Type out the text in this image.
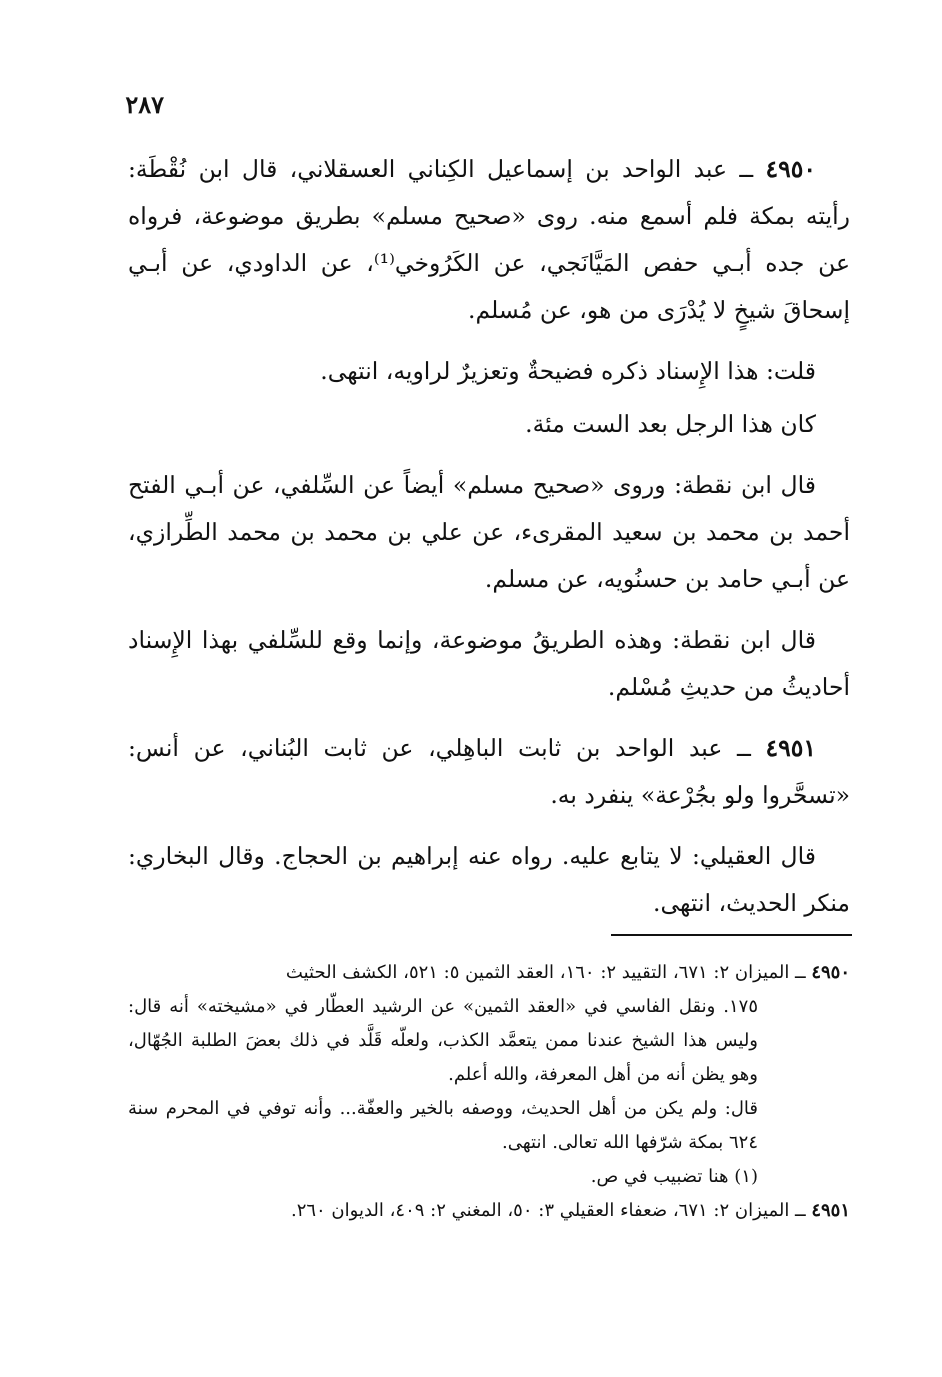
٢٨٧

٤٩٥٠ ــ عبد الواحد بن إسماعيل الكِناني العسقلاني، قال ابن نُقْطَة: رأيته بمكة فلم أسمع منه. روى «صحيح مسلم» بطريق موضوعة، فرواه عن جده أبـي حفص المَيَّانَجي، عن الكَرُوخي⁽¹⁾، عن الداودي، عن أبـي إسحاقَ شيخٍ لا يُدْرَى من هو، عن مُسلم.

قلت: هذا الإِسناد ذكره فضيحةٌ وتعزيرٌ لراويه، انتهى.

كان هذا الرجل بعد الست مئة.

قال ابن نقطة: وروى «صحيح مسلم» أيضاً عن السِّلفي، عن أبـي الفتح أحمد بن محمد بن سعيد المقرىء، عن علي بن محمد بن محمد الطِّرازي، عن أبـي حامد بن حسنُويه، عن مسلم.

قال ابن نقطة: وهذه الطريقُ موضوعة، وإنما وقع للسِّلفي بهذا الإِسناد أحاديثُ من حديثِ مُسْلم.

٤٩٥١ ــ عبد الواحد بن ثابت الباهِلي، عن ثابت البُناني، عن أنس: «تسحَّروا ولو بجُرْعة» ينفرد به.

قال العقيلي: لا يتابع عليه. رواه عنه إبراهيم بن الحجاج. وقال البخاري: منكر الحديث، انتهى.

٤٩٥٠ ــ الميزان ٢: ٦٧١، التقييد ٢: ١٦٠، العقد الثمين ٥: ٥٢١، الكشف الحثيث

١٧٥. ونقل الفاسي في «العقد الثمين» عن الرشيد العطّار في «مشيخته» أنه قال: وليس هذا الشيخ عندنا ممن يتعمَّد الكذب، ولعلّه قَلَّد في ذلك بعضَ الطلبة الجُهّال، وهو يظن أنه من أهل المعرفة، والله أعلم.

قال: ولم يكن من أهل الحديث، ووصفه بالخير والعفّة... وأنه توفي في المحرم سنة ٦٢٤ بمكة شرّفها الله تعالى. انتهى.

(١) هنا تضبيب في ص.

٤٩٥١ ــ الميزان ٢: ٦٧١، ضعفاء العقيلي ٣: ٥٠، المغني ٢: ٤٠٩، الديوان ٢٦٠.
